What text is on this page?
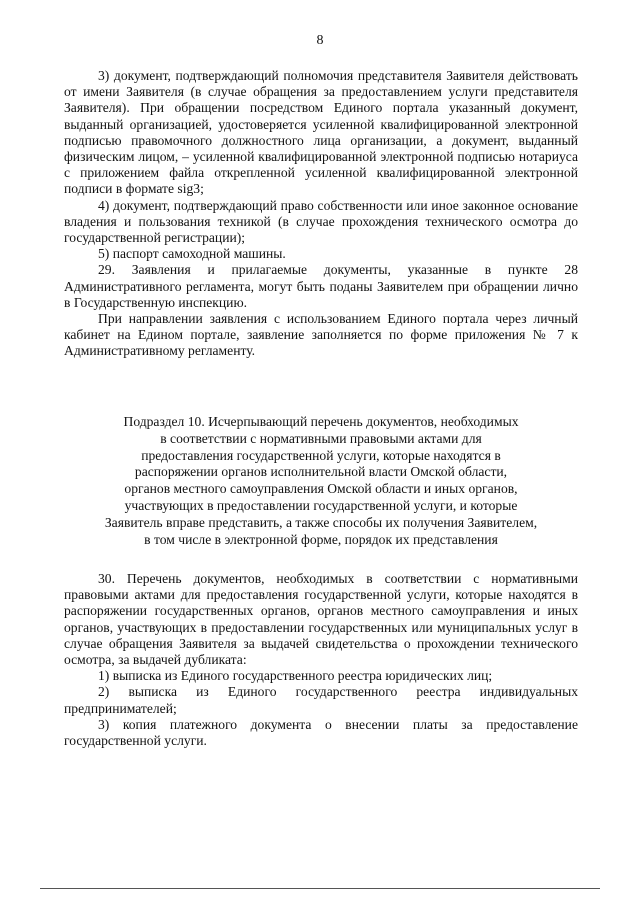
8

3) документ, подтверждающий полномочия представителя Заявителя действовать от имени Заявителя (в случае обращения за предоставлением услуги представителя Заявителя). При обращении посредством Единого портала указанный документ, выданный организацией, удостоверяется усиленной квалифицированной электронной подписью правомочного должностного лица организации, а документ, выданный физическим лицом, – усиленной квалифицированной электронной подписью нотариуса с приложением файла открепленной усиленной квалифицированной электронной подписи в формате sig3;

4) документ, подтверждающий право собственности или иное законное основание владения и пользования техникой (в случае прохождения технического осмотра до государственной регистрации);

5) паспорт самоходной машины.

29. Заявления и прилагаемые документы, указанные в пункте 28 Административного регламента, могут быть поданы Заявителем при обращении лично в Государственную инспекцию.

При направлении заявления с использованием Единого портала через личный кабинет на Едином портале, заявление заполняется по форме приложения № 7 к Административному регламенту.

Подраздел 10. Исчерпывающий перечень документов, необходимых
в соответствии с нормативными правовыми актами для
предоставления государственной услуги, которые находятся в
распоряжении органов исполнительной власти Омской области,
органов местного самоуправления Омской области и иных органов,
участвующих в предоставлении государственной услуги, и которые
Заявитель вправе представить, а также способы их получения Заявителем,
в том числе в электронной форме, порядок их представления

30. Перечень документов, необходимых в соответствии с нормативными правовыми актами для предоставления государственной услуги, которые находятся в распоряжении государственных органов, органов местного самоуправления и иных органов, участвующих в предоставлении государственных или муниципальных услуг в случае обращения Заявителя за выдачей свидетельства о прохождении технического осмотра, за выдачей дубликата:

1) выписка из Единого государственного реестра юридических лиц;

2) выписка из Единого государственного реестра индивидуальных предпринимателей;

3) копия платежного документа о внесении платы за предоставление государственной услуги.
